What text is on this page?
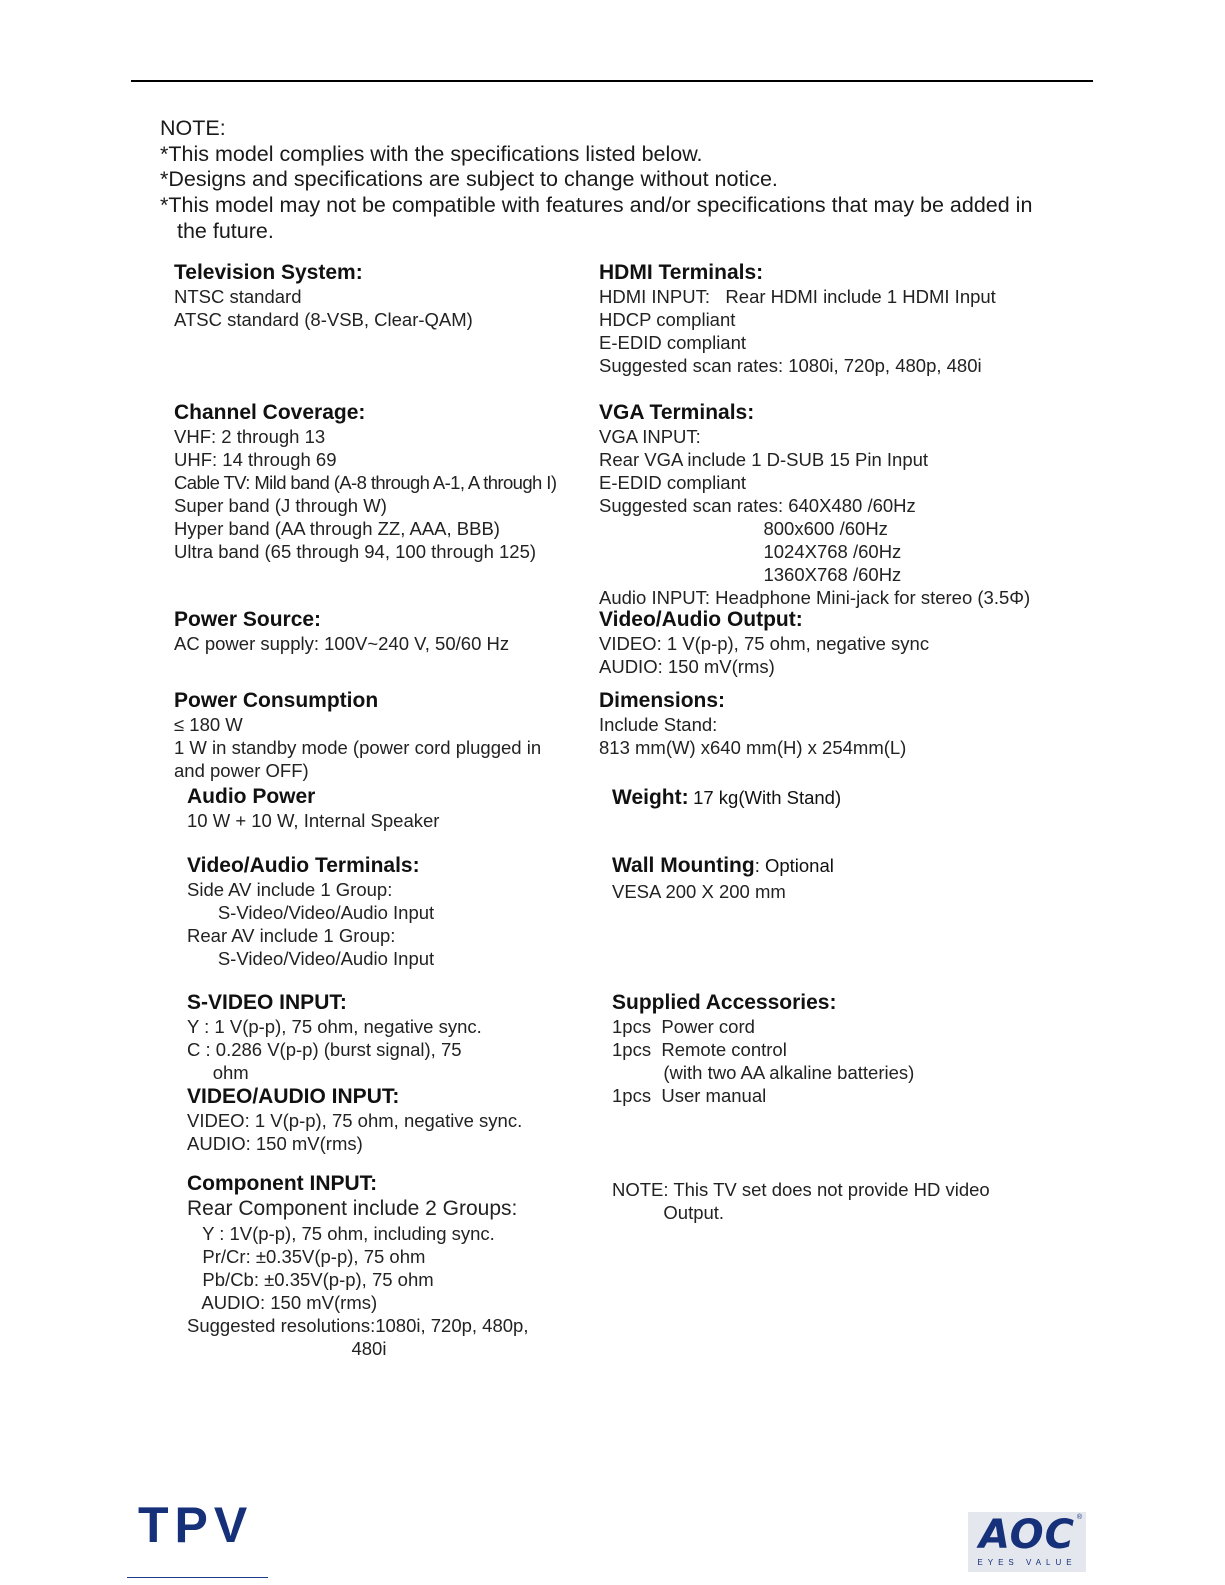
NOTE:
*This model complies with the specifications listed below.
*Designs and specifications are subject to change without notice.
*This model may not be compatible with features and/or specifications that may be added in
the future.
Television System:
NTSC standard
ATSC standard (8-VSB, Clear-QAM)
Channel Coverage:
VHF: 2 through 13
UHF: 14 through 69
Cable TV: Mild band (A-8 through A-1, A through I)
Super band (J through W)
Hyper band (AA through ZZ, AAA, BBB)
Ultra band (65 through 94, 100 through 125)
Power Source:
AC power supply: 100V~240 V, 50/60 Hz
Power Consumption
≤ 180 W
1 W in standby mode (power cord plugged in
and power OFF)
Audio Power
10 W + 10 W, Internal Speaker
Video/Audio Terminals:
Side AV include 1 Group:
S-Video/Video/Audio Input
Rear AV include 1 Group:
S-Video/Video/Audio Input
S-VIDEO INPUT:
Y : 1 V(p-p), 75 ohm, negative sync.
C : 0.286 V(p-p) (burst signal), 75
ohm
VIDEO/AUDIO INPUT:
VIDEO: 1 V(p-p), 75 ohm, negative sync.
AUDIO: 150 mV(rms)
Component INPUT:
Rear Component include 2 Groups:
Y : 1V(p-p), 75 ohm, including sync.
Pr/Cr: ±0.35V(p-p), 75 ohm
Pb/Cb: ±0.35V(p-p), 75 ohm
AUDIO: 150 mV(rms)
Suggested resolutions:1080i, 720p, 480p,
480i
HDMI Terminals:
HDMI INPUT:   Rear HDMI include 1 HDMI Input
HDCP compliant
E-EDID compliant
Suggested scan rates: 1080i, 720p, 480p, 480i
VGA Terminals:
VGA INPUT:
Rear VGA include 1 D-SUB 15 Pin Input
E-EDID compliant
Suggested scan rates: 640X480 /60Hz
800x600 /60Hz
1024X768 /60Hz
1360X768 /60Hz
Audio INPUT: Headphone Mini-jack for stereo (3.5Φ)
Video/Audio Output:
VIDEO: 1 V(p-p), 75 ohm, negative sync
AUDIO: 150 mV(rms)
Dimensions:
Include Stand:
813 mm(W) x640 mm(H) x 254mm(L)
Weight: 17 kg(With Stand)
Wall Mounting: Optional
VESA 200 X 200 mm
Supplied Accessories:
1pcs  Power cord
1pcs  Remote control
(with two AA alkaline batteries)
1pcs  User manual
NOTE: This TV set does not provide HD video
Output.
TPV	AOC ®
EYES VALUE
